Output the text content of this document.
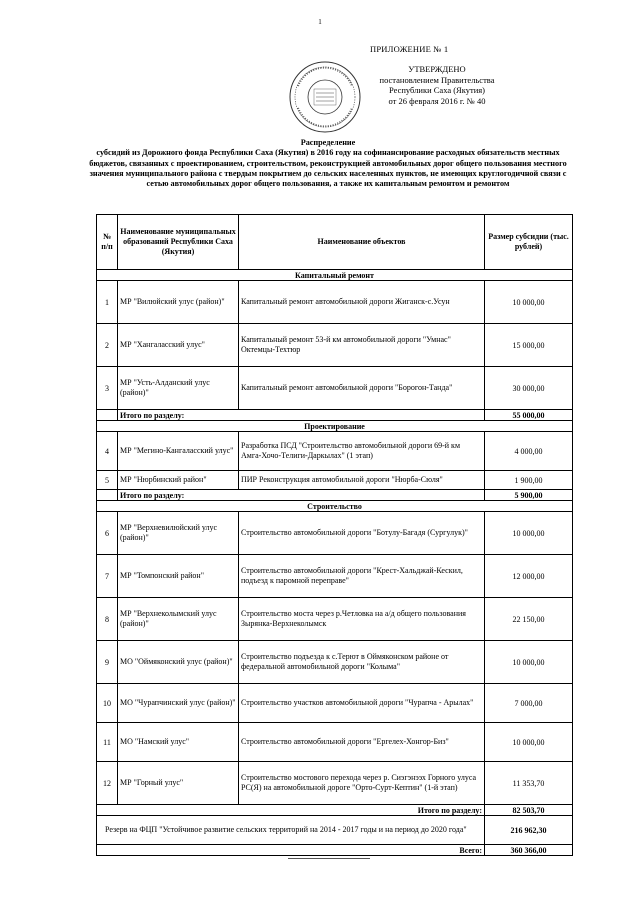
1
ПРИЛОЖЕНИЕ № 1
УТВЕРЖДЕНО
постановлением Правительства
Республики Саха (Якутия)
от 26 февраля 2016 г. № 40
Распределение
субсидий из Дорожного фонда Республики Саха (Якутия) в 2016 году на софинансирование расходных обязательств местных бюджетов, связанных с проектированием, строительством, реконструкцией автомобильных дорог общего пользования местного значения муниципального района с твердым покрытием до сельских населенных пунктов, не имеющих круглогодичной связи с сетью автомобильных дорог общего пользования, а также их капитальным ремонтом и ремонтом
№ п/п	Наименование муниципальных образований Республики Саха (Якутия)	Наименование объектов	Размер субсидии (тыс. рублей)
Капитальный ремонт			
1	МР "Вилюйский улус (район)"	Капитальный ремонт автомобильной дороги Жиганск-с.Усун	10 000,00
2	МР "Хангаласский улус"	Капитальный ремонт 53-й км автомобильной дороги "Умнас" Октемцы-Техтюр	15 000,00
3	МР "Усть-Алданский улус (район)"	Капитальный ремонт автомобильной дороги "Борогон-Танда"	30 000,00
	Итого по разделу:		55 000,00
Проектирование			
4	МР "Мегино-Кангаласский улус"	Разработка ПСД "Строительство автомобильной дороги 69-й км Амга-Хочо-Телиги-Даркылах" (1 этап)	4 000,00
5	МР "Нюрбинский район"	ПИР Реконструкция автомобильной дороги "Нюрба-Сюля"	1 900,00
	Итого по разделу:		5 900,00
Строительство			
6	МР "Верхневилюйский улус (район)"	Строительство автомобильной дороги "Ботулу-Багадя (Сургулук)"	10 000,00
7	МР "Томпонский район"	Строительство автомобильной дороги "Крест-Хальджай-Кескил, подъезд к паромной переправе"	12 000,00
8	МР "Верхнеколымский улус (район)"	Строительство моста через р.Четловка на а/д общего пользования Зырянка-Верхнеколымск	22 150,00
9	МО "Оймяконский улус (район)"	Строительство подъезда к с.Терют в Оймяконском районе от федеральной автомобильной дороги "Колыма"	10 000,00
10	МО "Чурапчинский улус (район)"	Строительство участков автомобильной дороги "Чурапча - Арылах"	7 000,00
11	МО "Намский улус"	Строительство автомобильной дороги "Ергелех-Хонгор-Биз"	10 000,00
12	МР "Горный улус"	Строительство мостового перехода через р. Сиэгэнээх Горного улуса РС(Я) на автомобильной дороге "Орто-Сурт-Кептин" (1-й этап)	11 353,70
Итого по разделу:			82 503,70
Резерв на ФЦП "Устойчивое развитие сельских территорий на 2014 - 2017 годы и на период до 2020 года"			216 962,30
Всего:			360 366,00
